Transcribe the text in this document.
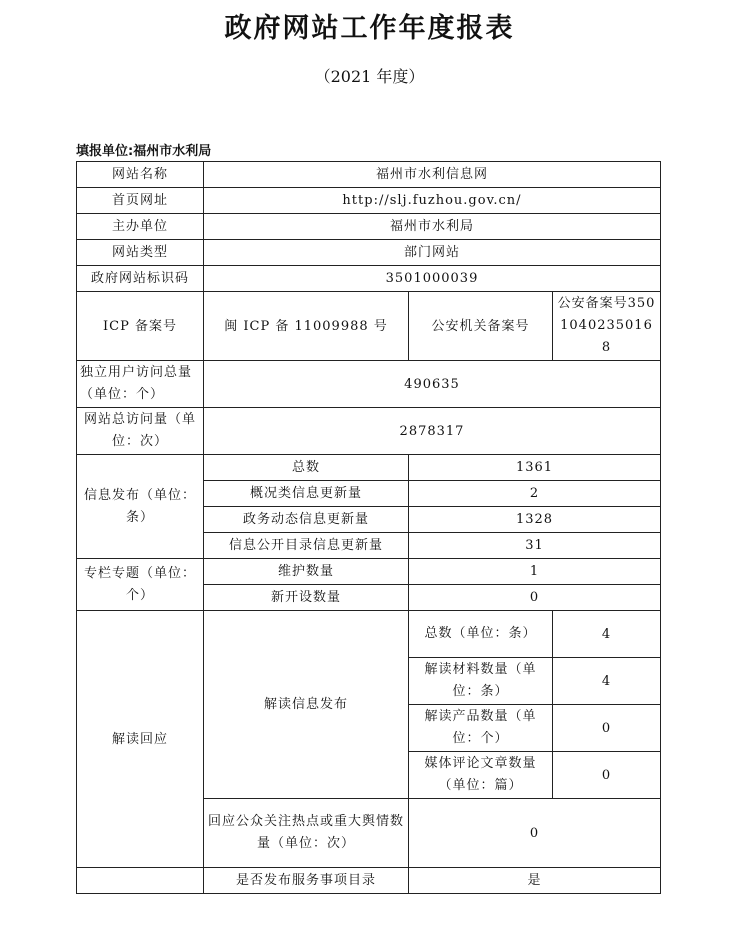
政府网站工作年度报表
（2021 年度）
填报单位:福州市水利局
网站名称	福州市水利信息网		
首页网址	http://slj.fuzhou.gov.cn/		
主办单位	福州市水利局		
网站类型	部门网站		
政府网站标识码	3501000039		
ICP 备案号	闽 ICP 备 11009988 号	公安机关备案号	公安备案号35010402350168
独立用户访问总量（单位：个）	490635		
网站总访问量（单位：次）	2878317		
信息发布（单位：条）	总数	1361	
	概况类信息更新量	2	
	政务动态信息更新量	1328	
	信息公开目录信息更新量	31	
专栏专题（单位：个）	维护数量	1	
	新开设数量	0	
解读回应	解读信息发布	总数（单位：条）	4
		解读材料数量（单位：条）	4
		解读产品数量（单位：个）	0
		媒体评论文章数量（单位：篇）	0
	回应公众关注热点或重大舆情数量（单位：次）	0	
	是否发布服务事项目录	是	
